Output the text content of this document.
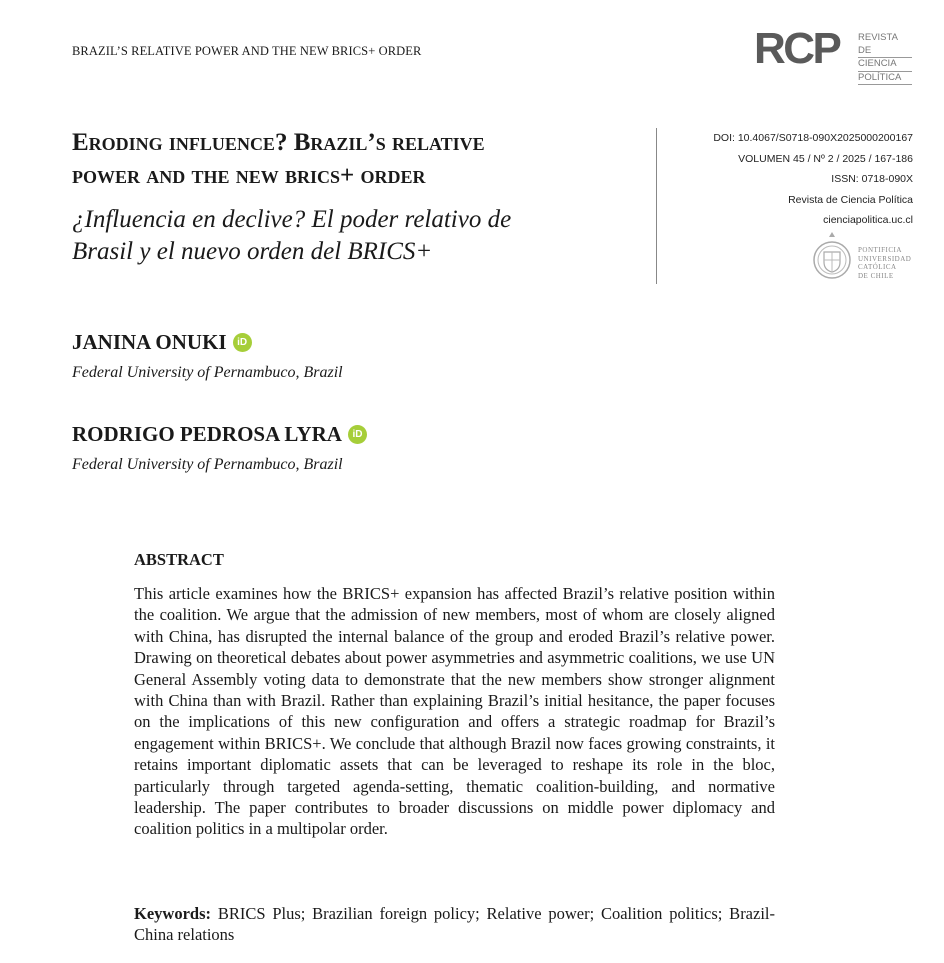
BRAZIL’S RELATIVE POWER AND THE NEW BRICS+ ORDER	RCP REVISTA DE
CIENCIA
POLÍTICA
DOI: 10.4067/S0718-090X2025000200167
VOLUMEN 45 / Nº 2 / 2025 / 167-186
ISSN: 0718-090X
Revista de Ciencia Política
cienciapolitica.uc.cl
PONTIFICIA
UNIVERSIDAD
CATÓLICA
DE CHILE
Eroding influence? Brazil’s relative
power and the new brics+ order
¿Influencia en declive? El poder relativo de
Brasil y el nuevo orden del BRICS+
JANINA ONUKI iD
Federal University of Pernambuco, Brazil
RODRIGO PEDROSA LYRA iD
Federal University of Pernambuco, Brazil
ABSTRACT
This article examines how the BRICS+ expansion has affected Brazil’s relative position within the coalition. We argue that the admission of new members, most of whom are closely aligned with China, has disrupted the internal balance of the group and eroded Brazil’s relative power. Drawing on theoretical debates about power asymmetries and asymmetric coalitions, we use UN General Assembly voting data to demonstrate that the new members show stronger alignment with China than with Brazil. Rather than explaining Brazil’s initial hesitance, the paper focuses on the implications of this new configuration and offers a strategic roadmap for Brazil’s engagement within BRICS+. We conclude that although Brazil now faces growing constraints, it retains important diplomatic assets that can be leveraged to reshape its role in the bloc, particularly through targeted agenda-setting, thematic coalition-building, and normative leadership. The paper contributes to broader discussions on middle power diplomacy and coalition politics in a multipolar order.
Keywords: BRICS Plus; Brazilian foreign policy; Relative power; Coalition politics; Brazil-China relations
